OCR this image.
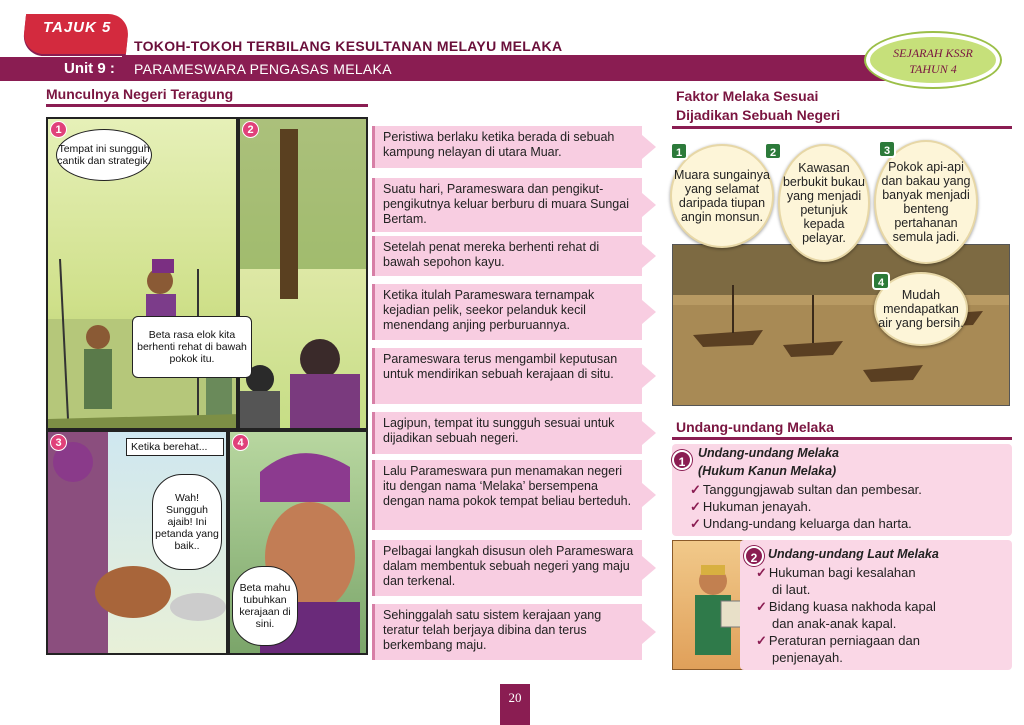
TAJUK 5
Unit 9 :
TOKOH-TOKOH TERBILANG KESULTANAN MELAYU MELAKA
PARAMESWARA PENGASAS MELAKA
SEJARAH KSSR
TAHUN 4
Munculnya Negeri Teragung
1
Tempat ini sungguh cantik dan strategik.
2
Beta rasa elok kita berhenti rehat di bawah pokok itu.
3	Ketika berehat...
Wah! Sungguh ajaib! Ini petanda yang baik..
4
Beta mahu tubuhkan kerajaan di sini.
Peristiwa berlaku ketika berada di sebuah kampung nelayan di utara Muar.
Suatu hari, Parameswara dan pengikut-pengikutnya keluar berburu di muara Sungai Bertam.
Setelah penat mereka berhenti rehat di bawah sepohon kayu.
Ketika itulah Parameswara ternampak kejadian pelik, seekor pelanduk kecil menendang anjing perburuannya.
Parameswara terus mengambil keputusan untuk mendirikan sebuah kerajaan di situ.
Lagipun, tempat itu sungguh sesuai untuk dijadikan sebuah negeri.
Lalu Parameswara pun menamakan negeri itu dengan nama ‘Melaka’ bersempena dengan nama pokok tempat beliau berteduh.
Pelbagai langkah disusun oleh Parameswara dalam membentuk sebuah negeri yang maju dan terkenal.
Sehinggalah satu sistem kerajaan yang teratur telah berjaya dibina dan terus berkembang maju.
Faktor Melaka Sesuai
Dijadikan Sebuah Negeri
Muara sungainya yang selamat daripada tiupan angin monsun.
1
Kawasan berbukit bukau yang menjadi petunjuk kepada pelayar.
2
Pokok api-api dan bakau yang banyak menjadi benteng pertahanan semula jadi.
3
Mudah mendapatkan air yang bersih.
4
Undang-undang Melaka
1
Undang-undang Melaka
(Hukum Kanun Melaka)
✓ Tanggungjawab sultan dan pembesar.
✓ Hukuman jenayah.
✓ Undang-undang keluarga dan harta.
2 Undang-undang Laut Melaka
✓ Hukuman bagi kesalahan
di laut.
✓ Bidang kuasa nakhoda kapal
dan anak-anak kapal.
✓ Peraturan perniagaan dan
penjenayah.
20
